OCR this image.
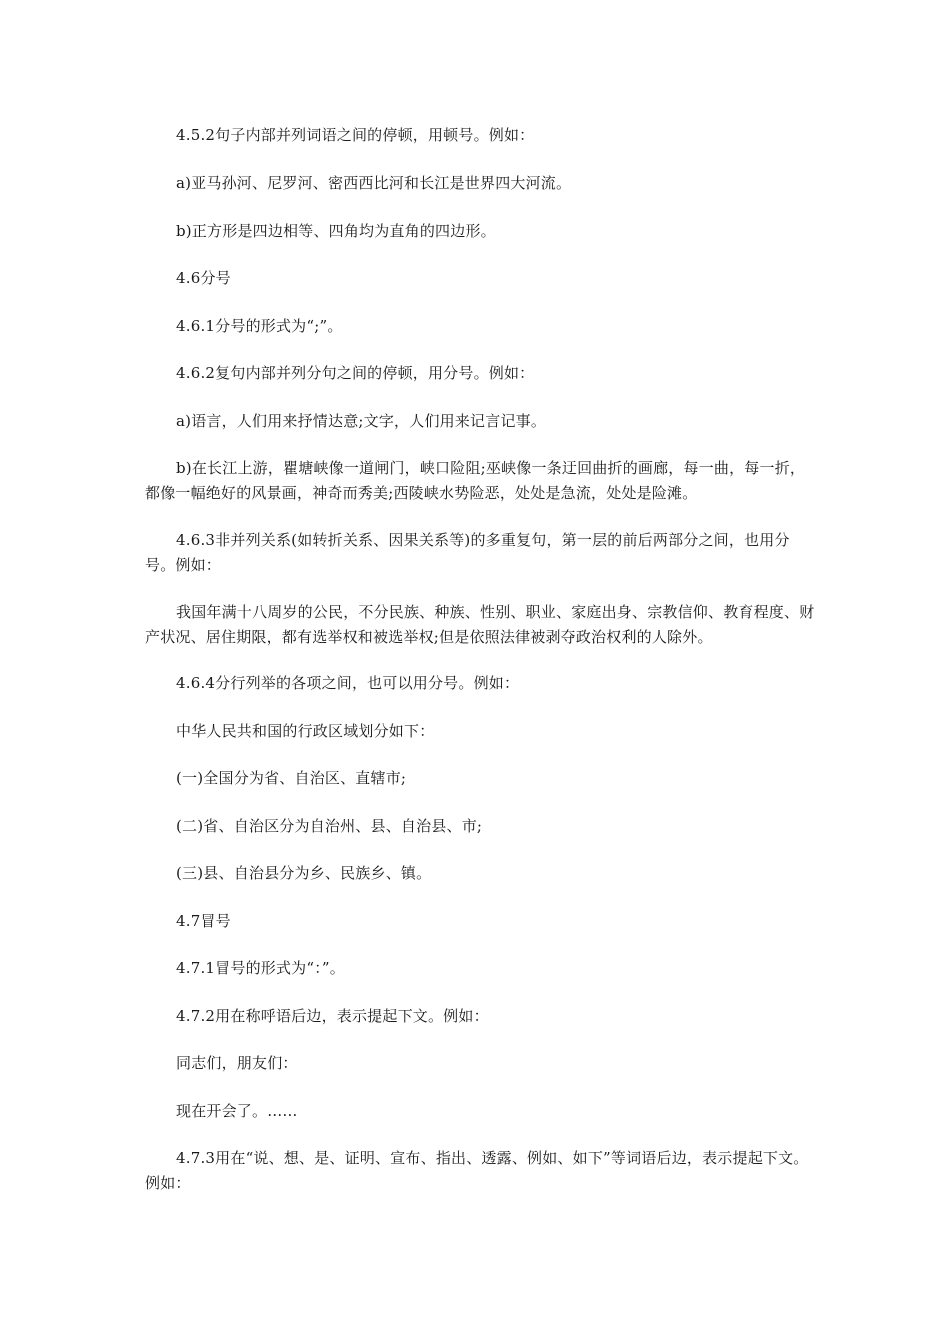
4.5.2句子内部并列词语之间的停顿，用顿号。例如：

a)亚马孙河、尼罗河、密西西比河和长江是世界四大河流。

b)正方形是四边相等、四角均为直角的四边形。

4.6分号

4.6.1分号的形式为“;”。

4.6.2复句内部并列分句之间的停顿，用分号。例如：

a)语言，人们用来抒情达意;文字，人们用来记言记事。

b)在长江上游，瞿塘峡像一道闸门，峡口险阻;巫峡像一条迂回曲折的画廊，每一曲，每一折，都像一幅绝好的风景画，神奇而秀美;西陵峡水势险恶，处处是急流，处处是险滩。

4.6.3非并列关系(如转折关系、因果关系等)的多重复句，第一层的前后两部分之间，也用分号。例如：

我国年满十八周岁的公民，不分民族、种族、性别、职业、家庭出身、宗教信仰、教育程度、财产状况、居住期限，都有选举权和被选举权;但是依照法律被剥夺政治权利的人除外。

4.6.4分行列举的各项之间，也可以用分号。例如：

中华人民共和国的行政区域划分如下：

(一)全国分为省、自治区、直辖市;

(二)省、自治区分为自治州、县、自治县、市;

(三)县、自治县分为乡、民族乡、镇。

4.7冒号

4.7.1冒号的形式为“：”。

4.7.2用在称呼语后边，表示提起下文。例如：

同志们，朋友们：

现在开会了。……

4.7.3用在“说、想、是、证明、宣布、指出、透露、例如、如下”等词语后边，表示提起下文。例如：
